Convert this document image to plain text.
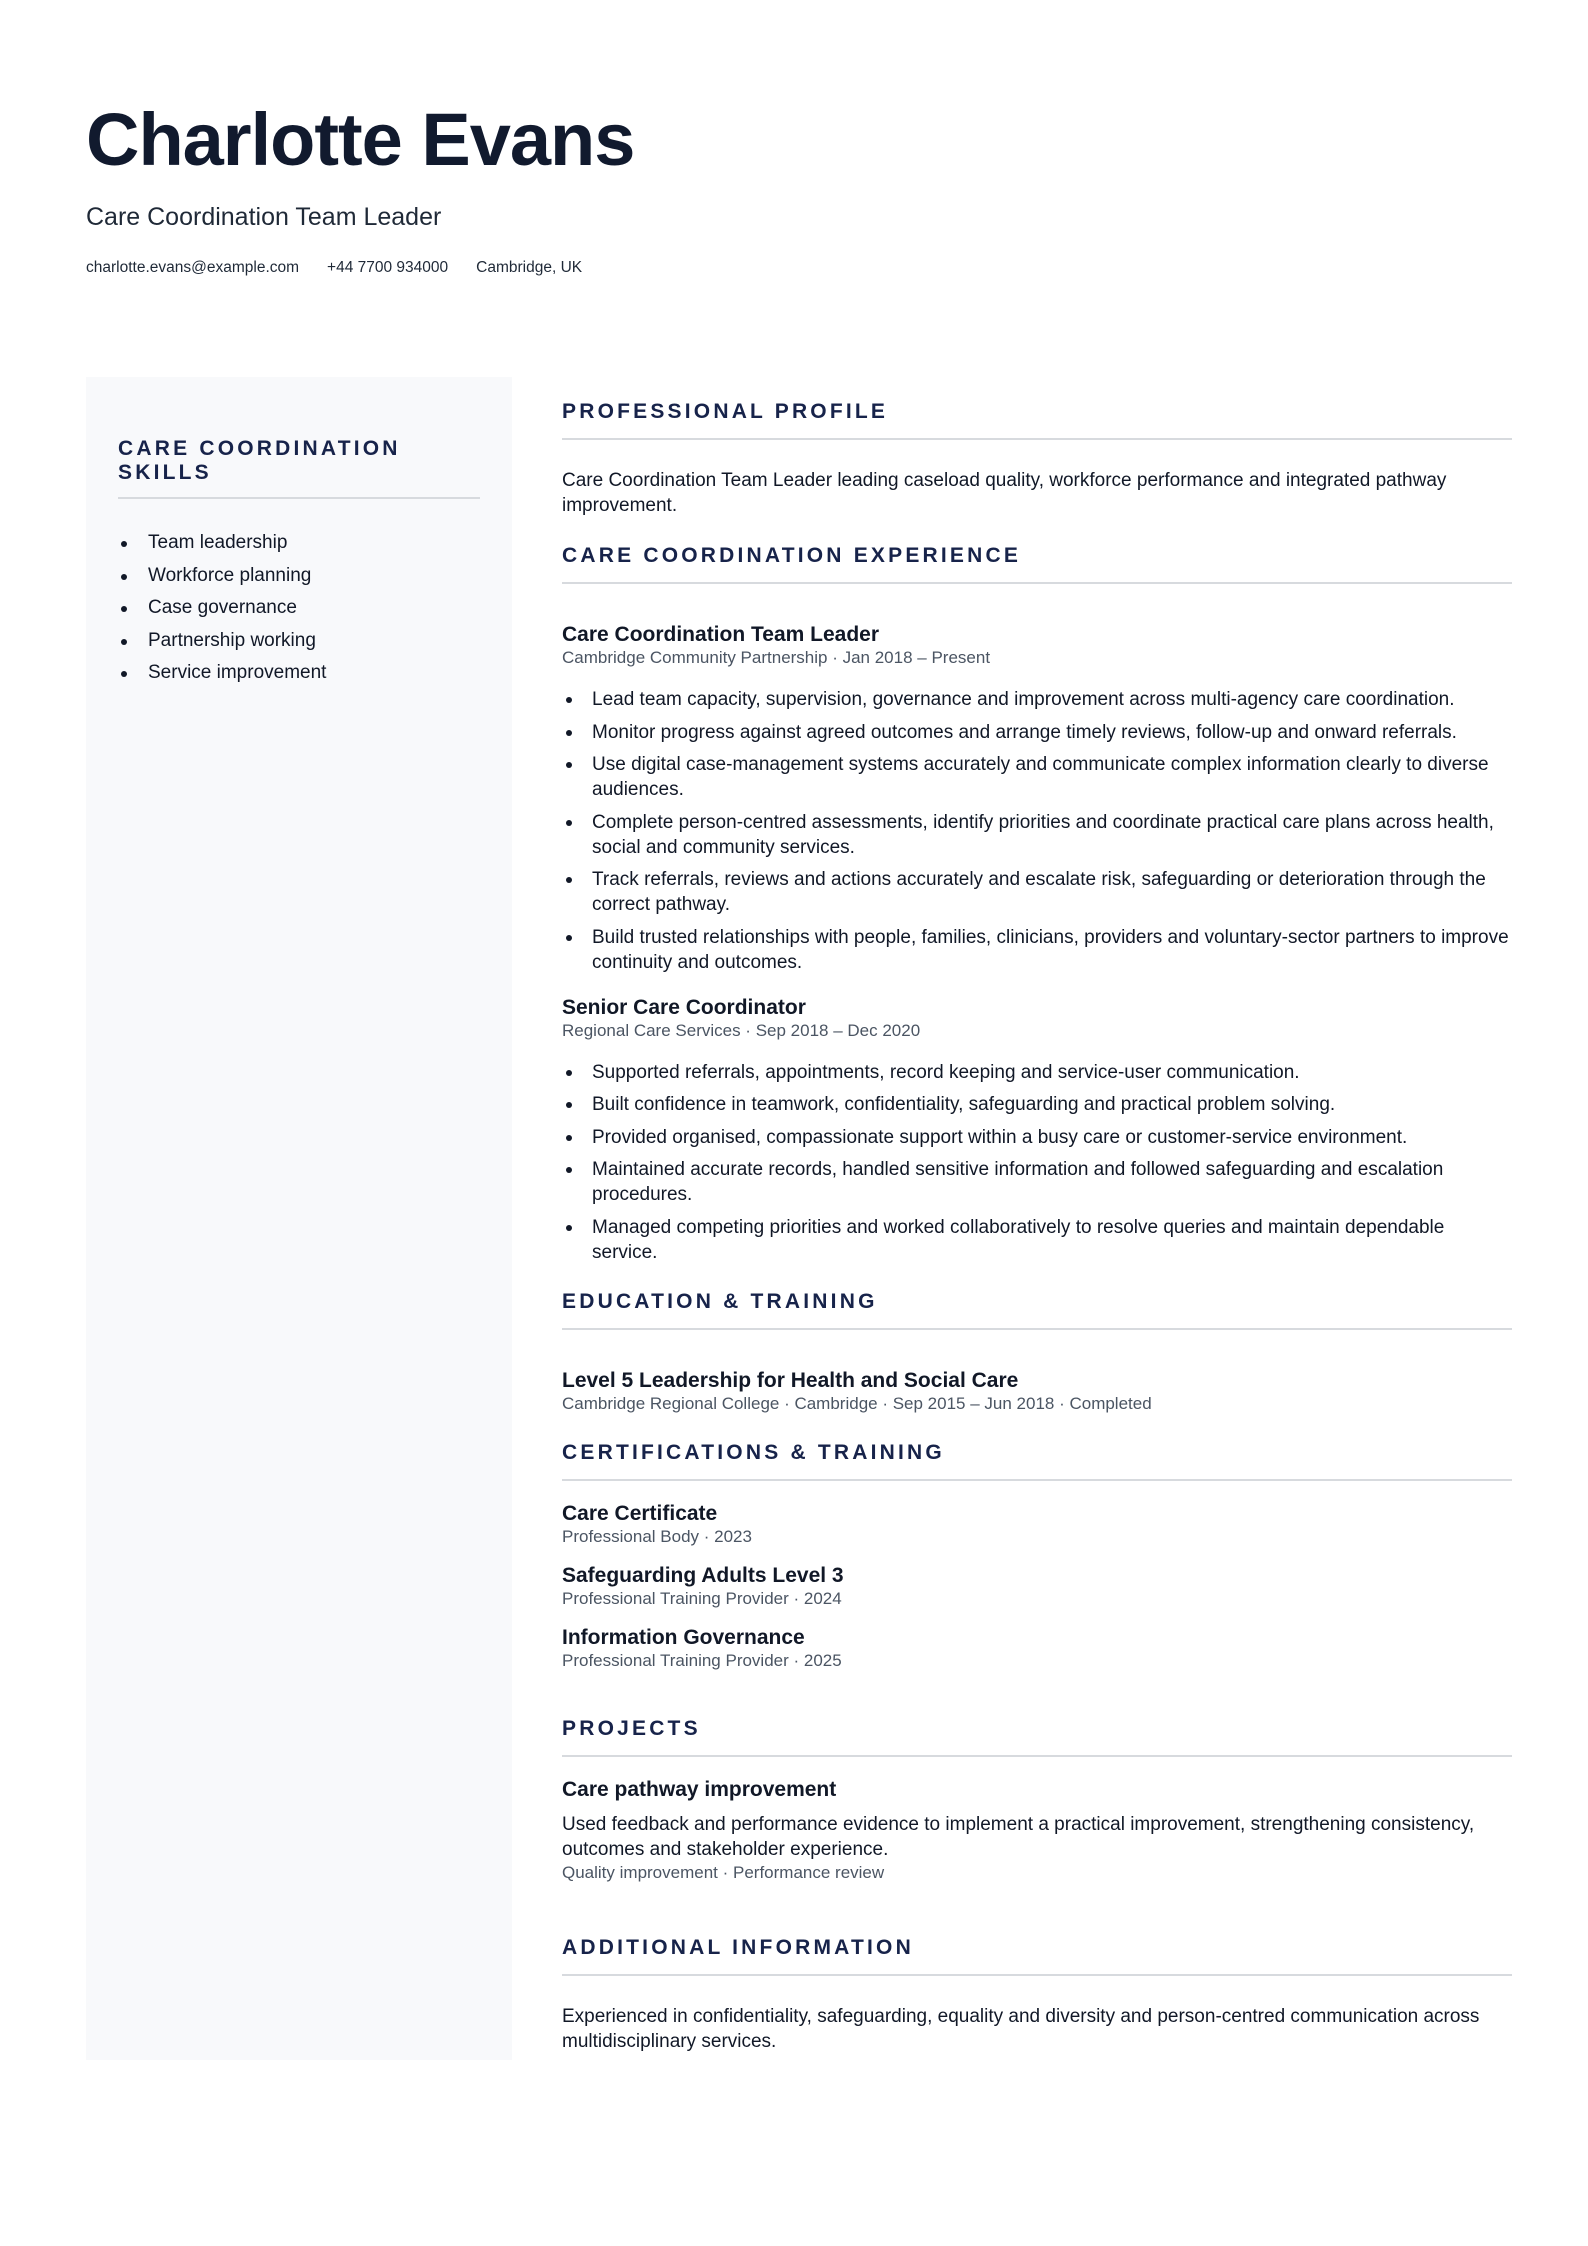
Charlotte Evans
Care Coordination Team Leader
charlotte.evans@example.com +44 7700 934000 Cambridge, UK
CARE COORDINATION SKILLS
Team leadership
Workforce planning
Case governance
Partnership working
Service improvement
PROFESSIONAL PROFILE

Care Coordination Team Leader leading caseload quality, workforce performance and integrated pathway improvement.

CARE COORDINATION EXPERIENCE

Care Coordination Team Leader

Cambridge Community Partnership · Jan 2018 – Present

Lead team capacity, supervision, governance and improvement across multi-agency care coordination.
Monitor progress against agreed outcomes and arrange timely reviews, follow-up and onward referrals.
Use digital case-management systems accurately and communicate complex information clearly to diverse audiences.
Complete person-centred assessments, identify priorities and coordinate practical care plans across health, social and community services.
Track referrals, reviews and actions accurately and escalate risk, safeguarding or deterioration through the correct pathway.
Build trusted relationships with people, families, clinicians, providers and voluntary-sector partners to improve continuity and outcomes.

Senior Care Coordinator

Regional Care Services · Sep 2018 – Dec 2020

Supported referrals, appointments, record keeping and service-user communication.
Built confidence in teamwork, confidentiality, safeguarding and practical problem solving.
Provided organised, compassionate support within a busy care or customer-service environment.
Maintained accurate records, handled sensitive information and followed safeguarding and escalation procedures.
Managed competing priorities and worked collaboratively to resolve queries and maintain dependable service.
EDUCATION & TRAINING

Level 5 Leadership for Health and Social Care

Cambridge Regional College · Cambridge · Sep 2015 – Jun 2018 · Completed

CERTIFICATIONS & TRAINING

Care Certificate

Professional Body · 2023

Safeguarding Adults Level 3

Professional Training Provider · 2024

Information Governance

Professional Training Provider · 2025

PROJECTS

Care pathway improvement

Used feedback and performance evidence to implement a practical improvement, strengthening consistency, outcomes and stakeholder experience.

Quality improvement · Performance review

ADDITIONAL INFORMATION

Experienced in confidentiality, safeguarding, equality and diversity and person-centred communication across multidisciplinary services.
